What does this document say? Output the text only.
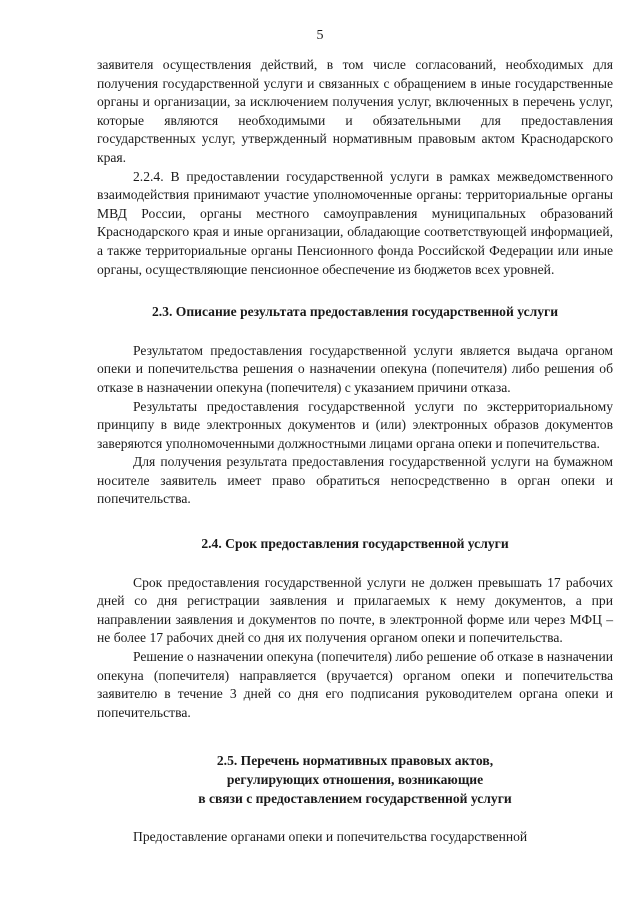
5

заявителя осуществления действий, в том числе согласований, необходимых для получения государственной услуги и связанных с обращением в иные государственные органы и организации, за исключением получения услуг, включенных в перечень услуг, которые являются необходимыми и обязательными для предоставления государственных услуг, утвержденный нормативным правовым актом Краснодарского края.

2.2.4. В предоставлении государственной услуги в рамках межведомственного взаимодействия принимают участие уполномоченные органы: территориальные органы МВД России, органы местного самоуправления муниципальных образований Краснодарского края и иные организации, обладающие соответствующей информацией, а также территориальные органы Пенсионного фонда Российской Федерации или иные органы, осуществляющие пенсионное обеспечение из бюджетов всех уровней.

2.3. Описание результата предоставления государственной услуги

Результатом предоставления государственной услуги является выдача органом опеки и попечительства решения о назначении опекуна (попечителя) либо решения об отказе в назначении опекуна (попечителя) с указанием причини отказа.

Результаты предоставления государственной услуги по экстерриториальному принципу в виде электронных документов и (или) электронных образов документов заверяются уполномоченными должностными лицами органа опеки и попечительства.

Для получения результата предоставления государственной услуги на бумажном носителе заявитель имеет право обратиться непосредственно в орган опеки и попечительства.

2.4. Срок предоставления государственной услуги

Срок предоставления государственной услуги не должен превышать 17 рабочих дней со дня регистрации заявления и прилагаемых к нему документов, а при направлении заявления и документов по почте, в электронной форме или через МФЦ – не более 17 рабочих дней со дня их получения органом опеки и попечительства.

Решение о назначении опекуна (попечителя) либо решение об отказе в назначении опекуна (попечителя) направляется (вручается) органом опеки и попечительства заявителю в течение 3 дней со дня его подписания руководителем органа опеки и попечительства.

2.5. Перечень нормативных правовых актов,
регулирующих отношения, возникающие
в связи с предоставлением государственной услуги

Предоставление органами опеки и попечительства государственной
